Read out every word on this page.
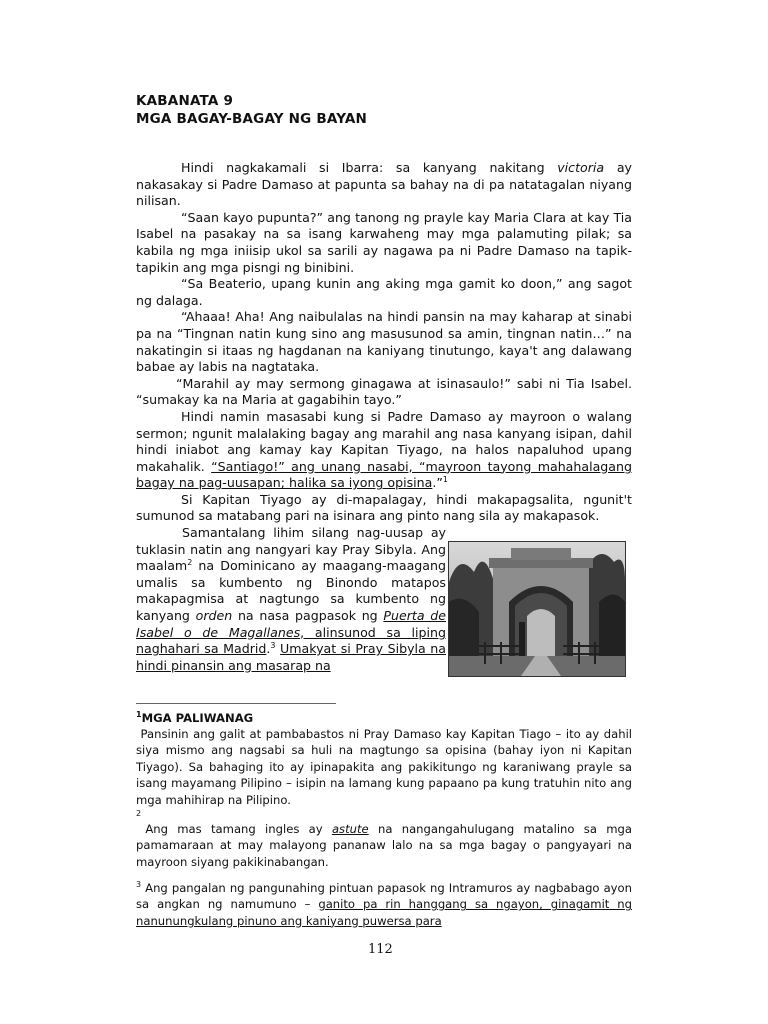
KABANATA 9
MGA BAGAY-BAGAY NG BAYAN

Hindi nagkakamali si Ibarra: sa kanyang nakitang victoria ay nakasakay si Padre Damaso at papunta sa bahay na di pa natatagalan niyang nilisan.

“Saan kayo pupunta?” ang tanong ng prayle kay Maria Clara at kay Tia Isabel na pasakay na sa isang karwaheng may mga palamuting pilak; sa kabila ng mga iniisip ukol sa sarili ay nagawa pa ni Padre Damaso na tapik-tapikin ang mga pisngi ng binibini.

“Sa Beaterio, upang kunin ang aking mga gamit ko doon,” ang sagot ng dalaga.

“Ahaaa! Aha! Ang naibulalas na hindi pansin na may kaharap at sinabi pa na “Tingnan natin kung sino ang masusunod sa amin, tingnan natin…” na nakatingin si itaas ng hagdanan na kaniyang tinutungo, kaya't ang dalawang babae ay labis na nagtataka.

“Marahil ay may sermong ginagawa at isinasaulo!” sabi ni Tia Isabel. “sumakay ka na Maria at gagabihin tayo.”

Hindi namin masasabi kung si Padre Damaso ay mayroon o walang sermon; ngunit malalaking bagay ang marahil ang nasa kanyang isipan, dahil hindi iniabot ang kamay kay Kapitan Tiyago, na halos napaluhod upang makahalik. “Santiago!” ang unang nasabi, “mayroon tayong mahahalagang bagay na pag-uusapan; halika sa iyong opisina.”$^1$

Si Kapitan Tiyago ay di-mapalagay, hindi makapagsalita, ngunit't sumunod sa matabang pari na isinara ang pinto nang sila ay makapasok.

Samantalang lihim silang nag-uusap ay tuklasin natin ang nangyari kay Pray Sibyla. Ang maalam$^2$ na Dominicano ay maagang-maagang umalis sa kumbento ng Binondo matapos makapagmisa at nagtungo sa kumbento ng kanyang orden na nasa pagpasok ng Puerta de Isabel o de Magallanes, alinsunod sa liping naghahari sa Madrid.$^3$ Umakyat si Pray Sibyla na hindi pinansin ang masarap na

$^1$MGA PALIWANAG
Pansinin ang galit at pambabastos ni Pray Damaso kay Kapitan Tiago – ito ay dahil siya mismo ang nagsabi sa huli na magtungo sa opisina (bahay iyon ni Kapitan Tiyago). Sa bahaging ito ay ipinapakita ang pakikitungo ng karaniwang prayle sa isang mayamang Pilipino – isipin na lamang kung papaano pa kung tratuhin nito ang mga mahihirap na Pilipino.
2
Ang mas tamang ingles ay astute na nangangahulugang matalino sa mga pamamaraan at may malayong pananaw lalo na sa mga bagay o pangyayari na mayroon siyang pakikinabangan.
$^3$ Ang pangalan ng pangunahing pintuan papasok ng Intramuros ay nagbabago ayon sa angkan ng namumuno – ganito pa rin hanggang sa ngayon, ginagamit ng nanunungkulang pinuno ang kaniyang puwersa para
112
